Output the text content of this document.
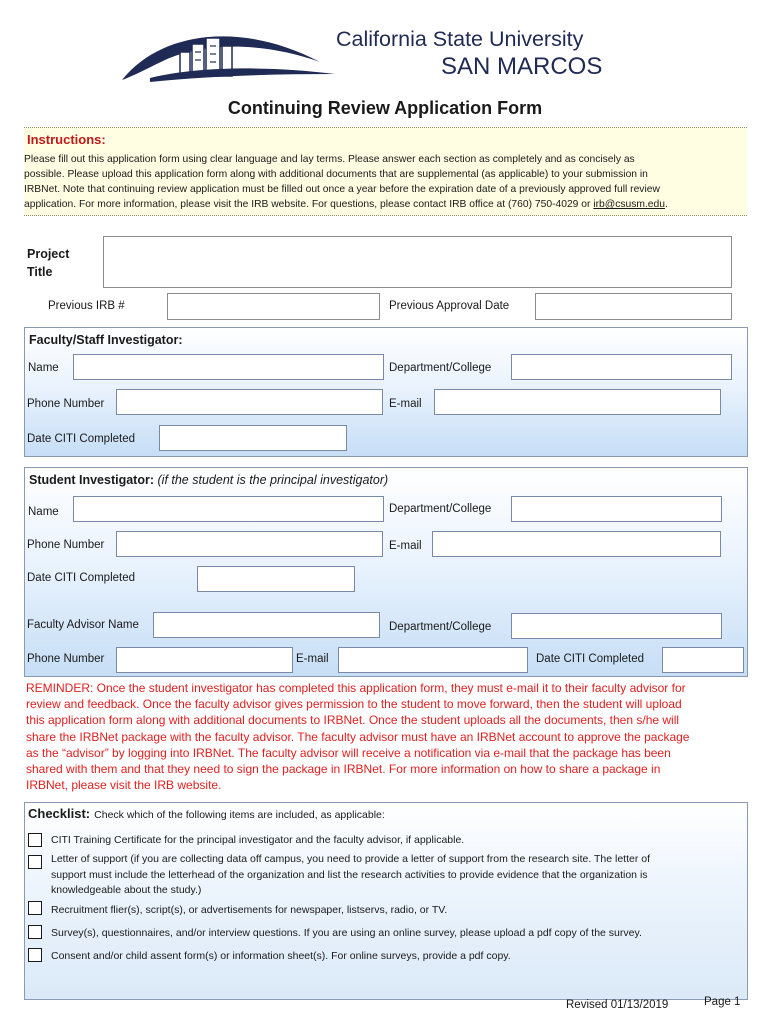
California State University
SAN MARCOS
Continuing Review Application Form
Instructions:
Please fill out this application form using clear language and lay terms. Please answer each section as completely and as concisely as
possible. Please upload this application form along with additional documents that are supplemental (as applicable) to your submission in
IRBNet. Note that continuing review application must be filled out once a year before the expiration date of a previously approved full review
application. For more information, please visit the IRB website. For questions, please contact IRB office at (760) 750-4029 or irb@csusm.edu.
Project
Title
Previous IRB #	Previous Approval Date
Faculty/Staff Investigator:
Name	Department/College
Phone Number	E-mail
Date CITI Completed
Student Investigator: (if the student is the principal investigator)
Name	Department/College
Phone Number	E-mail
Date CITI Completed
Faculty Advisor Name	Department/College
Phone Number	E-mail	Date CITI Completed
REMINDER: Once the student investigator has completed this application form, they must e-mail it to their faculty advisor for
review and feedback. Once the faculty advisor gives permission to the student to move forward, then the student will upload
this application form along with additional documents to IRBNet. Once the student uploads all the documents, then s/he will
share the IRBNet package with the faculty advisor. The faculty advisor must have an IRBNet account to approve the package
as the “advisor” by logging into IRBNet. The faculty advisor will receive a notification via e-mail that the package has been
shared with them and that they need to sign the package in IRBNet. For more information on how to share a package in
IRBNet, please visit the IRB website.
Checklist: Check which of the following items are included, as applicable:
CITI Training Certificate for the principal investigator and the faculty advisor, if applicable.
Letter of support (if you are collecting data off campus, you need to provide a letter of support from the research site. The letter of
support must include the letterhead of the organization and list the research activities to provide evidence that the organization is
knowledgeable about the study.)
Recruitment flier(s), script(s), or advertisements for newspaper, listservs, radio, or TV.
Survey(s), questionnaires, and/or interview questions. If you are using an online survey, please upload a pdf copy of the survey.
Consent and/or child assent form(s) or information sheet(s). For online surveys, provide a pdf copy.
Revised 01/13/2019	Page 1
